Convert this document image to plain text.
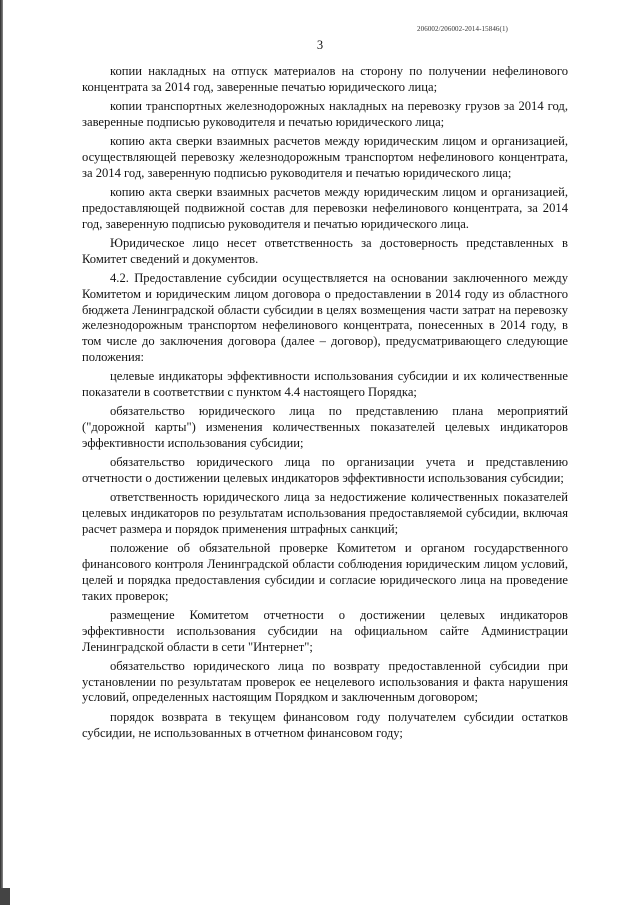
206002/206002-2014-15846(1)
3

копии накладных на отпуск материалов на сторону по получении нефелинового концентрата за 2014 год, заверенные печатью юридического лица;

копии транспортных железнодорожных накладных на перевозку грузов за 2014 год, заверенные подписью руководителя и печатью юридического лица;

копию акта сверки взаимных расчетов между юридическим лицом и организацией, осуществляющей перевозку железнодорожным транспортом нефелинового концентрата, за 2014 год, заверенную подписью руководителя и печатью юридического лица;

копию акта сверки взаимных расчетов между юридическим лицом и организацией, предоставляющей подвижной состав для перевозки нефелинового концентрата, за 2014 год, заверенную подписью руководителя и печатью юридического лица.

Юридическое лицо несет ответственность за достоверность представленных в Комитет сведений и документов.

4.2. Предоставление субсидии осуществляется на основании заключенного между Комитетом и юридическим лицом договора о предоставлении в 2014 году из областного бюджета Ленинградской области субсидии в целях возмещения части затрат на перевозку железнодорожным транспортом нефелинового концентрата, понесенных в 2014 году, в том числе до заключения договора (далее – договор), предусматривающего следующие положения:

целевые индикаторы эффективности использования субсидии и их количественные показатели в соответствии с пунктом 4.4 настоящего Порядка;

обязательство юридического лица по представлению плана мероприятий ("дорожной карты") изменения количественных показателей целевых индикаторов эффективности использования субсидии;

обязательство юридического лица по организации учета и представлению отчетности о достижении целевых индикаторов эффективности использования субсидии;

ответственность юридического лица за недостижение количественных показателей целевых индикаторов по результатам использования предоставляемой субсидии, включая расчет размера и порядок применения штрафных санкций;

положение об обязательной проверке Комитетом и органом государственного финансового контроля Ленинградской области соблюдения юридическим лицом условий, целей и порядка предоставления субсидии и согласие юридического лица на проведение таких проверок;

размещение Комитетом отчетности о достижении целевых индикаторов эффективности использования субсидии на официальном сайте Администрации Ленинградской области в сети "Интернет";

обязательство юридического лица по возврату предоставленной субсидии при установлении по результатам проверок ее нецелевого использования и факта нарушения условий, определенных настоящим Порядком и заключенным договором;

порядок возврата в текущем финансовом году получателем субсидии остатков субсидии, не использованных в отчетном финансовом году;
